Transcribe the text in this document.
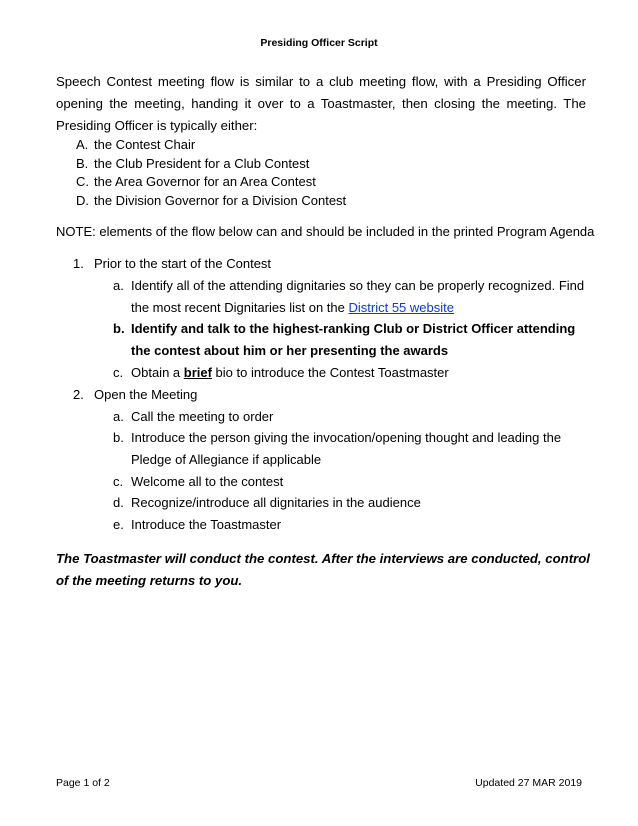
Presiding Officer Script

Speech Contest meeting flow is similar to a club meeting flow, with a Presiding Officer opening the meeting, handing it over to a Toastmaster, then closing the meeting. The Presiding Officer is typically either:

A. the Contest Chair
B. the Club President for a Club Contest
C. the Area Governor for an Area Contest
D. the Division Governor for a Division Contest

NOTE: elements of the flow below can and should be included in the printed Program Agenda

1. Prior to the start of the Contest
a. Identify all of the attending dignitaries so they can be properly recognized. Find the most recent Dignitaries list on the District 55 website
b. Identify and talk to the highest-ranking Club or District Officer attending the contest about him or her presenting the awards
c. Obtain a brief bio to introduce the Contest Toastmaster
2. Open the Meeting
a. Call the meeting to order
b. Introduce the person giving the invocation/opening thought and leading the Pledge of Allegiance if applicable
c. Welcome all to the contest
d. Recognize/introduce all dignitaries in the audience
e. Introduce the Toastmaster

The Toastmaster will conduct the contest. After the interviews are conducted, control of the meeting returns to you.

Page 1 of 2	Updated 27 MAR 2019
